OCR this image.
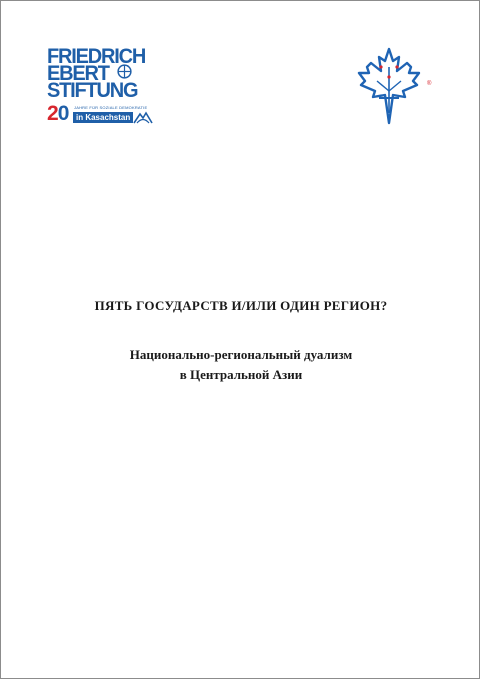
FRIEDRICH
EBERT
STIFTUNG
20 JAHRE FÜR SOZIALE DEMOKRATIE
in Kasachstan
®
ПЯТЬ ГОСУДАРСТВ И/ИЛИ ОДИН РЕГИОН?
Национально-региональный дуализм
в Центральной Азии
